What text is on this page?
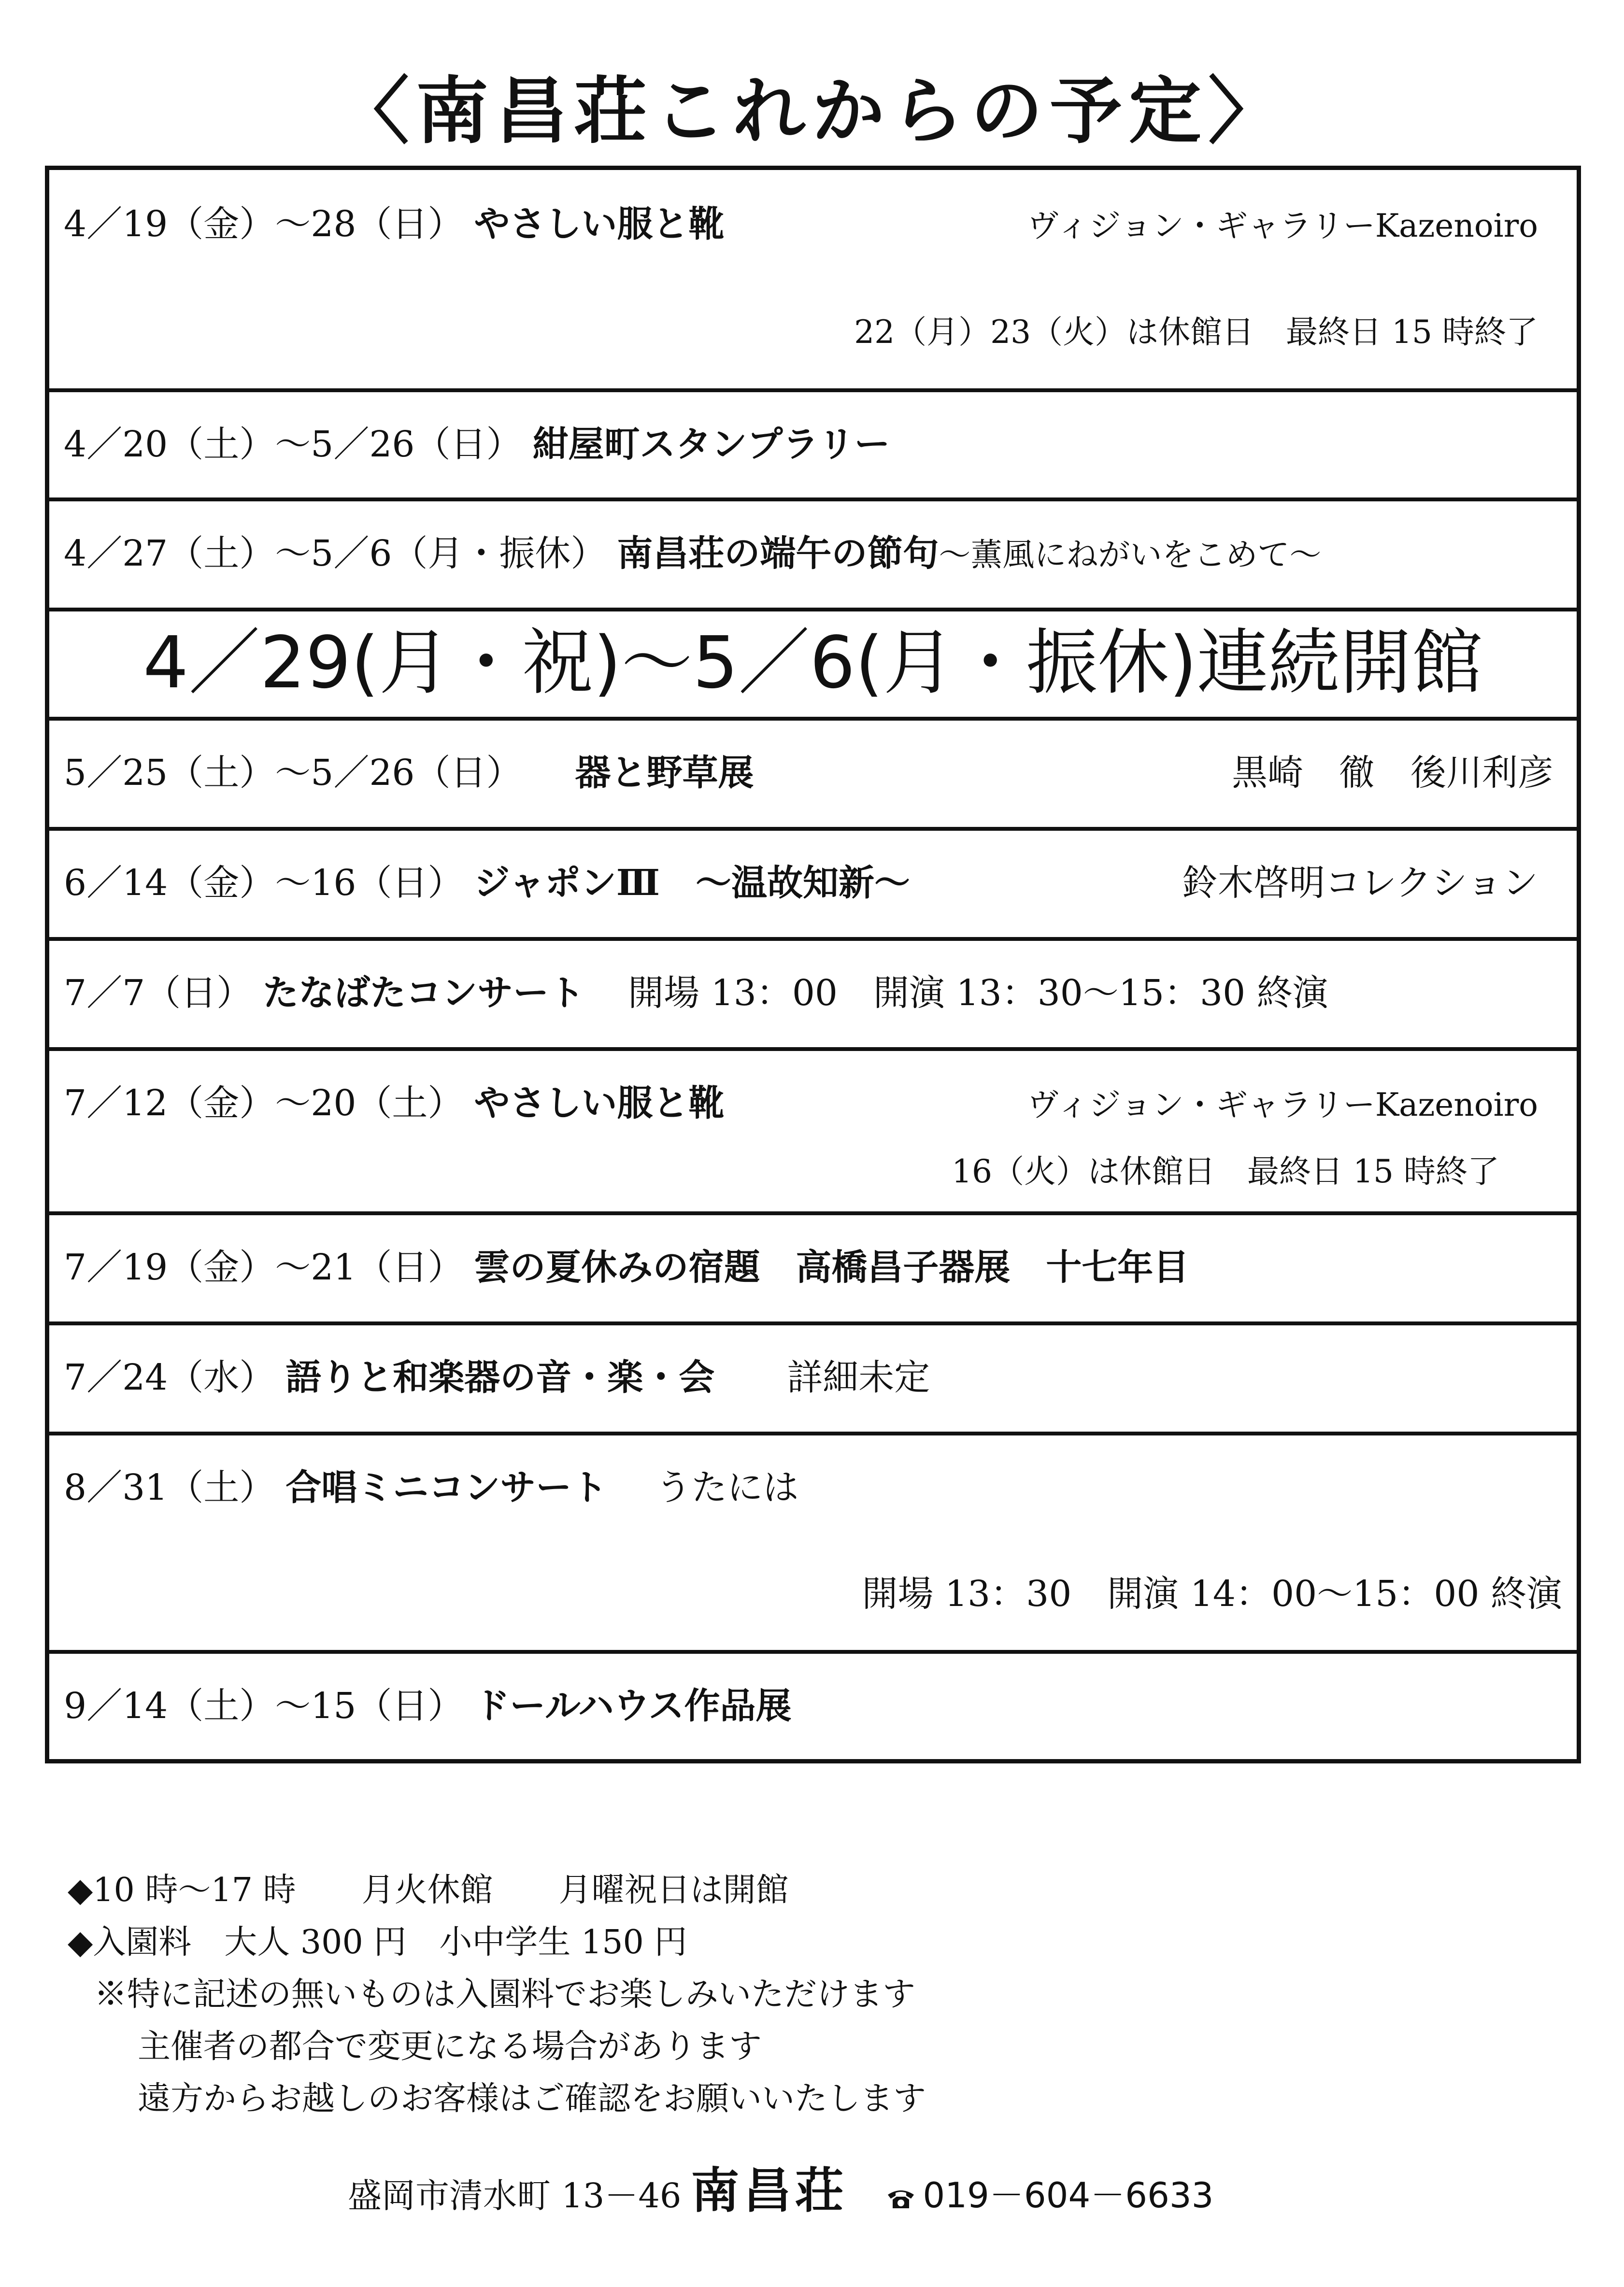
〈南昌荘これからの予定〉
4／19（金）～28（日） やさしい服と靴	ヴィジョン・ギャラリーKazenoiro
22（月）23（火）は休館日　最終日 15 時終了
4／20（土）～5／26（日） 紺屋町スタンプラリー
4／27（土）～5／6（月・振休） 南昌荘の端午の節句～薫風にねがいをこめて～
4／29(月・祝)～5／6(月・振休)連続開館
5／25（土）～5／26（日） 器と野草展	黒崎　徹　後川利彦
6／14（金）～16（日） ジャポンⅢ　～温故知新～	鈴木啓明コレクション
7／7（日） たなばたコンサート 開場 13：00　開演 13：30～15：30 終演
7／12（金）～20（土） やさしい服と靴	ヴィジョン・ギャラリーKazenoiro
16（火）は休館日　最終日 15 時終了
7／19（金）～21（日） 雲の夏休みの宿題　高橋昌子器展　十七年目
7／24（水） 語りと和楽器の音・楽・会 詳細未定
8／31（土） 合唱ミニコンサート うたには
開場 13：30　開演 14：00～15：00 終演
9／14（土）～15（日） ドールハウス作品展
◆10 時～17 時　　月火休館　　月曜祝日は開館
◆入園料　大人 300 円　小中学生 150 円
※特に記述の無いものは入園料でお楽しみいただけます
主催者の都合で変更になる場合があります
遠方からお越しのお客様はご確認をお願いいたします
盛岡市清水町 13－46 南昌荘 019－604－6633
